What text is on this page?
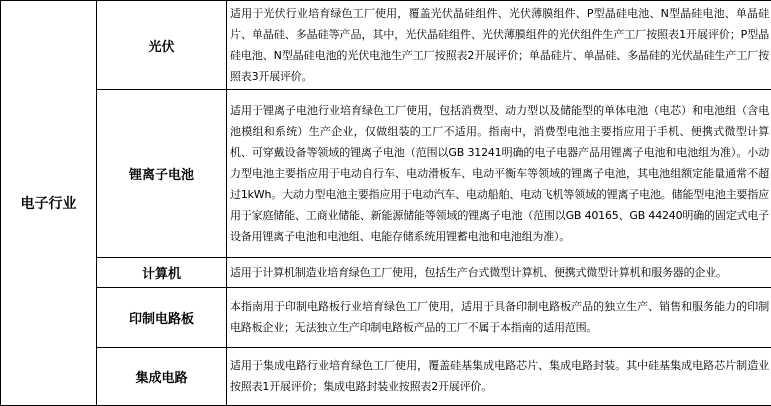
电子行业	光伏	适用于光伏行业培育绿色工厂使用，覆盖光伏晶硅组件、光伏薄膜组件、P型晶硅电池、N型晶硅电池、单晶硅片、单晶硅、多晶硅等产品，其中，光伏晶硅组件、光伏薄膜组件的光伏组件生产工厂按照表1开展评价；P型晶硅电池、N型晶硅电池的光伏电池生产工厂按照表2开展评价；单晶硅片、单晶硅、多晶硅的光伏晶硅生产工厂按照表3开展评价。
	锂离子电池	适用于锂离子电池行业培育绿色工厂使用，包括消费型、动力型以及储能型的单体电池（电芯）和电池组（含电池模组和系统）生产企业，仅做组装的工厂不适用。指南中，消费型电池主要指应用于手机、便携式微型计算机、可穿戴设备等领域的锂离子电池（范围以GB 31241明确的电子电器产品用锂离子电池和电池组为准）。小动力型电池主要指应用于电动自行车、电动滑板车、电动平衡车等领域的锂离子电池，其电池组额定能量通常不超过1kWh。大动力型电池主要指应用于电动汽车、电动船舶、电动飞机等领域的锂离子电池。储能型电池主要指应用于家庭储能、工商业储能、新能源储能等领域的锂离子电池（范围以GB 40165、GB 44240明确的固定式电子设备用锂离子电池和电池组、电能存储系统用锂蓄电池和电池组为准）。
	计算机	适用于计算机制造业培育绿色工厂使用，包括生产台式微型计算机、便携式微型计算机和服务器的企业。
	印制电路板	本指南用于印制电路板行业培育绿色工厂使用，适用于具备印制电路板产品的独立生产、销售和服务能力的印制电路板企业；无法独立生产印制电路板产品的工厂不属于本指南的适用范围。
	集成电路	适用于集成电路行业培育绿色工厂使用，覆盖硅基集成电路芯片、集成电路封装。其中硅基集成电路芯片制造业按照表1开展评价；集成电路封装业按照表2开展评价。
